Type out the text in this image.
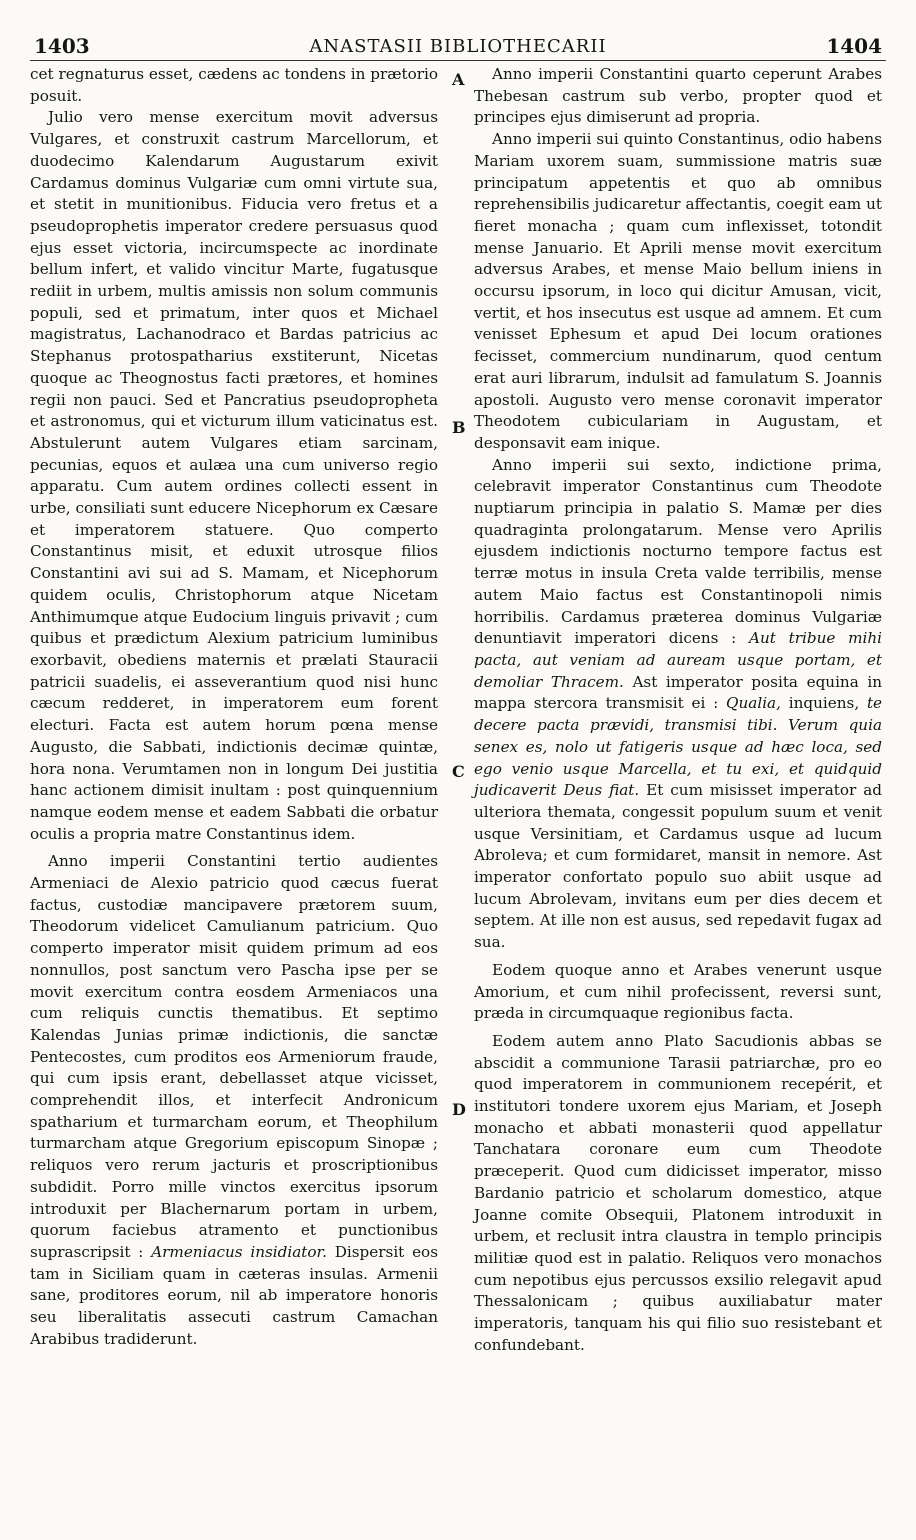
1403	ANASTASII BIBLIOTHECARII	1404

cet regnaturus esset, cædens ac tondens in prætorio posuit.

Julio vero mense exercitum movit adversus Vulgares, et construxit castrum Marcellorum, et duodecimo Kalendarum Augustarum exivit Cardamus dominus Vulgariæ cum omni virtute sua, et stetit in munitionibus. Fiducia vero fretus et a pseudoprophetis imperator credere persuasus quod ejus esset victoria, incircumspecte ac inordinate bellum infert, et valido vincitur Marte, fugatusque rediit in urbem, multis amissis non solum communis populi, sed et primatum, inter quos et Michael magistratus, Lachanodraco et Bardas patricius ac Stephanus protospatharius exstiterunt, Nicetas quoque ac Theognostus facti prætores, et homines regii non pauci. Sed et Pancratius pseudopropheta et astronomus, qui et victurum illum vaticinatus est. Abstulerunt autem Vulgares etiam sarcinam, pecunias, equos et aulæa una cum universo regio apparatu. Cum autem ordines collecti essent in urbe, consiliati sunt educere Nicephorum ex Cæsare et imperatorem statuere. Quo comperto Constantinus misit, et eduxit utrosque filios Constantini avi sui ad S. Mamam, et Nicephorum quidem oculis, Christophorum atque Nicetam Anthimumque atque Eudocium linguis privavit ; cum quibus et prædictum Alexium patricium luminibus exorbavit, obediens maternis et prælati Stauracii patricii suadelis, ei asseverantium quod nisi hunc cæcum redderet, in imperatorem eum forent electuri. Facta est autem horum pœna mense Augusto, die Sabbati, indictionis decimæ quintæ, hora nona. Verumtamen non in longum Dei justitia hanc actionem dimisit inultam : post quinquennium namque eodem mense et eadem Sabbati die orbatur oculis a propria matre Constantinus idem.

Anno imperii Constantini tertio audientes Armeniaci de Alexio patricio quod cæcus fuerat factus, custodiæ mancipavere prætorem suum, Theodorum videlicet Camulianum patricium. Quo comperto imperator misit quidem primum ad eos nonnullos, post sanctum vero Pascha ipse per se movit exercitum contra eosdem Armeniacos una cum reliquis cunctis thematibus. Et septimo Kalendas Junias primæ indictionis, die sanctæ Pentecostes, cum proditos eos Armeniorum fraude, qui cum ipsis erant, debellasset atque vicisset, comprehendit illos, et interfecit Andronicum spatharium et turmarcham eorum, et Theophilum turmarcham atque Gregorium episcopum Sinopæ ; reliquos vero rerum jacturis et proscriptionibus subdidit. Porro mille vinctos exercitus ipsorum introduxit per Blachernarum portam in urbem, quorum faciebus atramento et punctionibus suprascripsit : Armeniacus insidiator. Dispersit eos tam in Siciliam quam in cæteras insulas. Armenii sane, proditores eorum, nil ab imperatore honoris seu liberalitatis assecuti castrum Camachan Arabibus tradiderunt.

A
B
C
D

Anno imperii Constantini quarto ceperunt Arabes Thebesan castrum sub verbo, propter quod et principes ejus dimiserunt ad propria.

Anno imperii sui quinto Constantinus, odio habens Mariam uxorem suam, summissione matris suæ principatum appetentis et quo ab omnibus reprehensibilis judicaretur affectantis, coegit eam ut fieret monacha ; quam cum inflexisset, totondit mense Januario. Et Aprili mense movit exercitum adversus Arabes, et mense Maio bellum iniens in occursu ipsorum, in loco qui dicitur Amusan, vicit, vertit, et hos insecutus est usque ad amnem. Et cum venisset Ephesum et apud Dei locum orationes fecisset, commercium nundinarum, quod centum erat auri librarum, indulsit ad famulatum S. Joannis apostoli. Augusto vero mense coronavit imperator Theodotem cubiculariam in Augustam, et desponsavit eam inique.

Anno imperii sui sexto, indictione prima, celebravit imperator Constantinus cum Theodote nuptiarum principia in palatio S. Mamæ per dies quadraginta prolongatarum. Mense vero Aprilis ejusdem indictionis nocturno tempore factus est terræ motus in insula Creta valde terribilis, mense autem Maio factus est Constantinopoli nimis horribilis. Cardamus præterea dominus Vulgariæ denuntiavit imperatori dicens : Aut tribue mihi pacta, aut veniam ad auream usque portam, et demoliar Thracem. Ast imperator posita equina in mappa stercora transmisit ei : Qualia, inquiens, te decere pacta prævidi, transmisi tibi. Verum quia senex es, nolo ut fatigeris usque ad hæc loca, sed ego venio usque Marcella, et tu exi, et quidquid judicaverit Deus fiat. Et cum misisset imperator ad ulteriora themata, congessit populum suum et venit usque Versinitiam, et Cardamus usque ad lucum Abroleva; et cum formidaret, mansit in nemore. Ast imperator confortato populo suo abiit usque ad lucum Abrolevam, invitans eum per dies decem et septem. At ille non est ausus, sed repedavit fugax ad sua.

Eodem quoque anno et Arabes venerunt usque Amorium, et cum nihil profecissent, reversi sunt, præda in circumquaque regionibus facta.

Eodem autem anno Plato Sacudionis abbas se abscidit a communione Tarasii patriarchæ, pro eo quod imperatorem in communionem recepérit, et institutori tondere uxorem ejus Mariam, et Joseph monacho et abbati monasterii quod appellatur Tanchatara coronare eum cum Theodote præceperit. Quod cum didicisset imperator, misso Bardanio patricio et scholarum domestico, atque Joanne comite Obsequii, Platonem introduxit in urbem, et reclusit intra claustra in templo principis militiæ quod est in palatio. Reliquos vero monachos cum nepotibus ejus percussos exsilio relegavit apud Thessalonicam ; quibus auxiliabatur mater imperatoris, tanquam his qui filio suo resistebant et confundebant.
